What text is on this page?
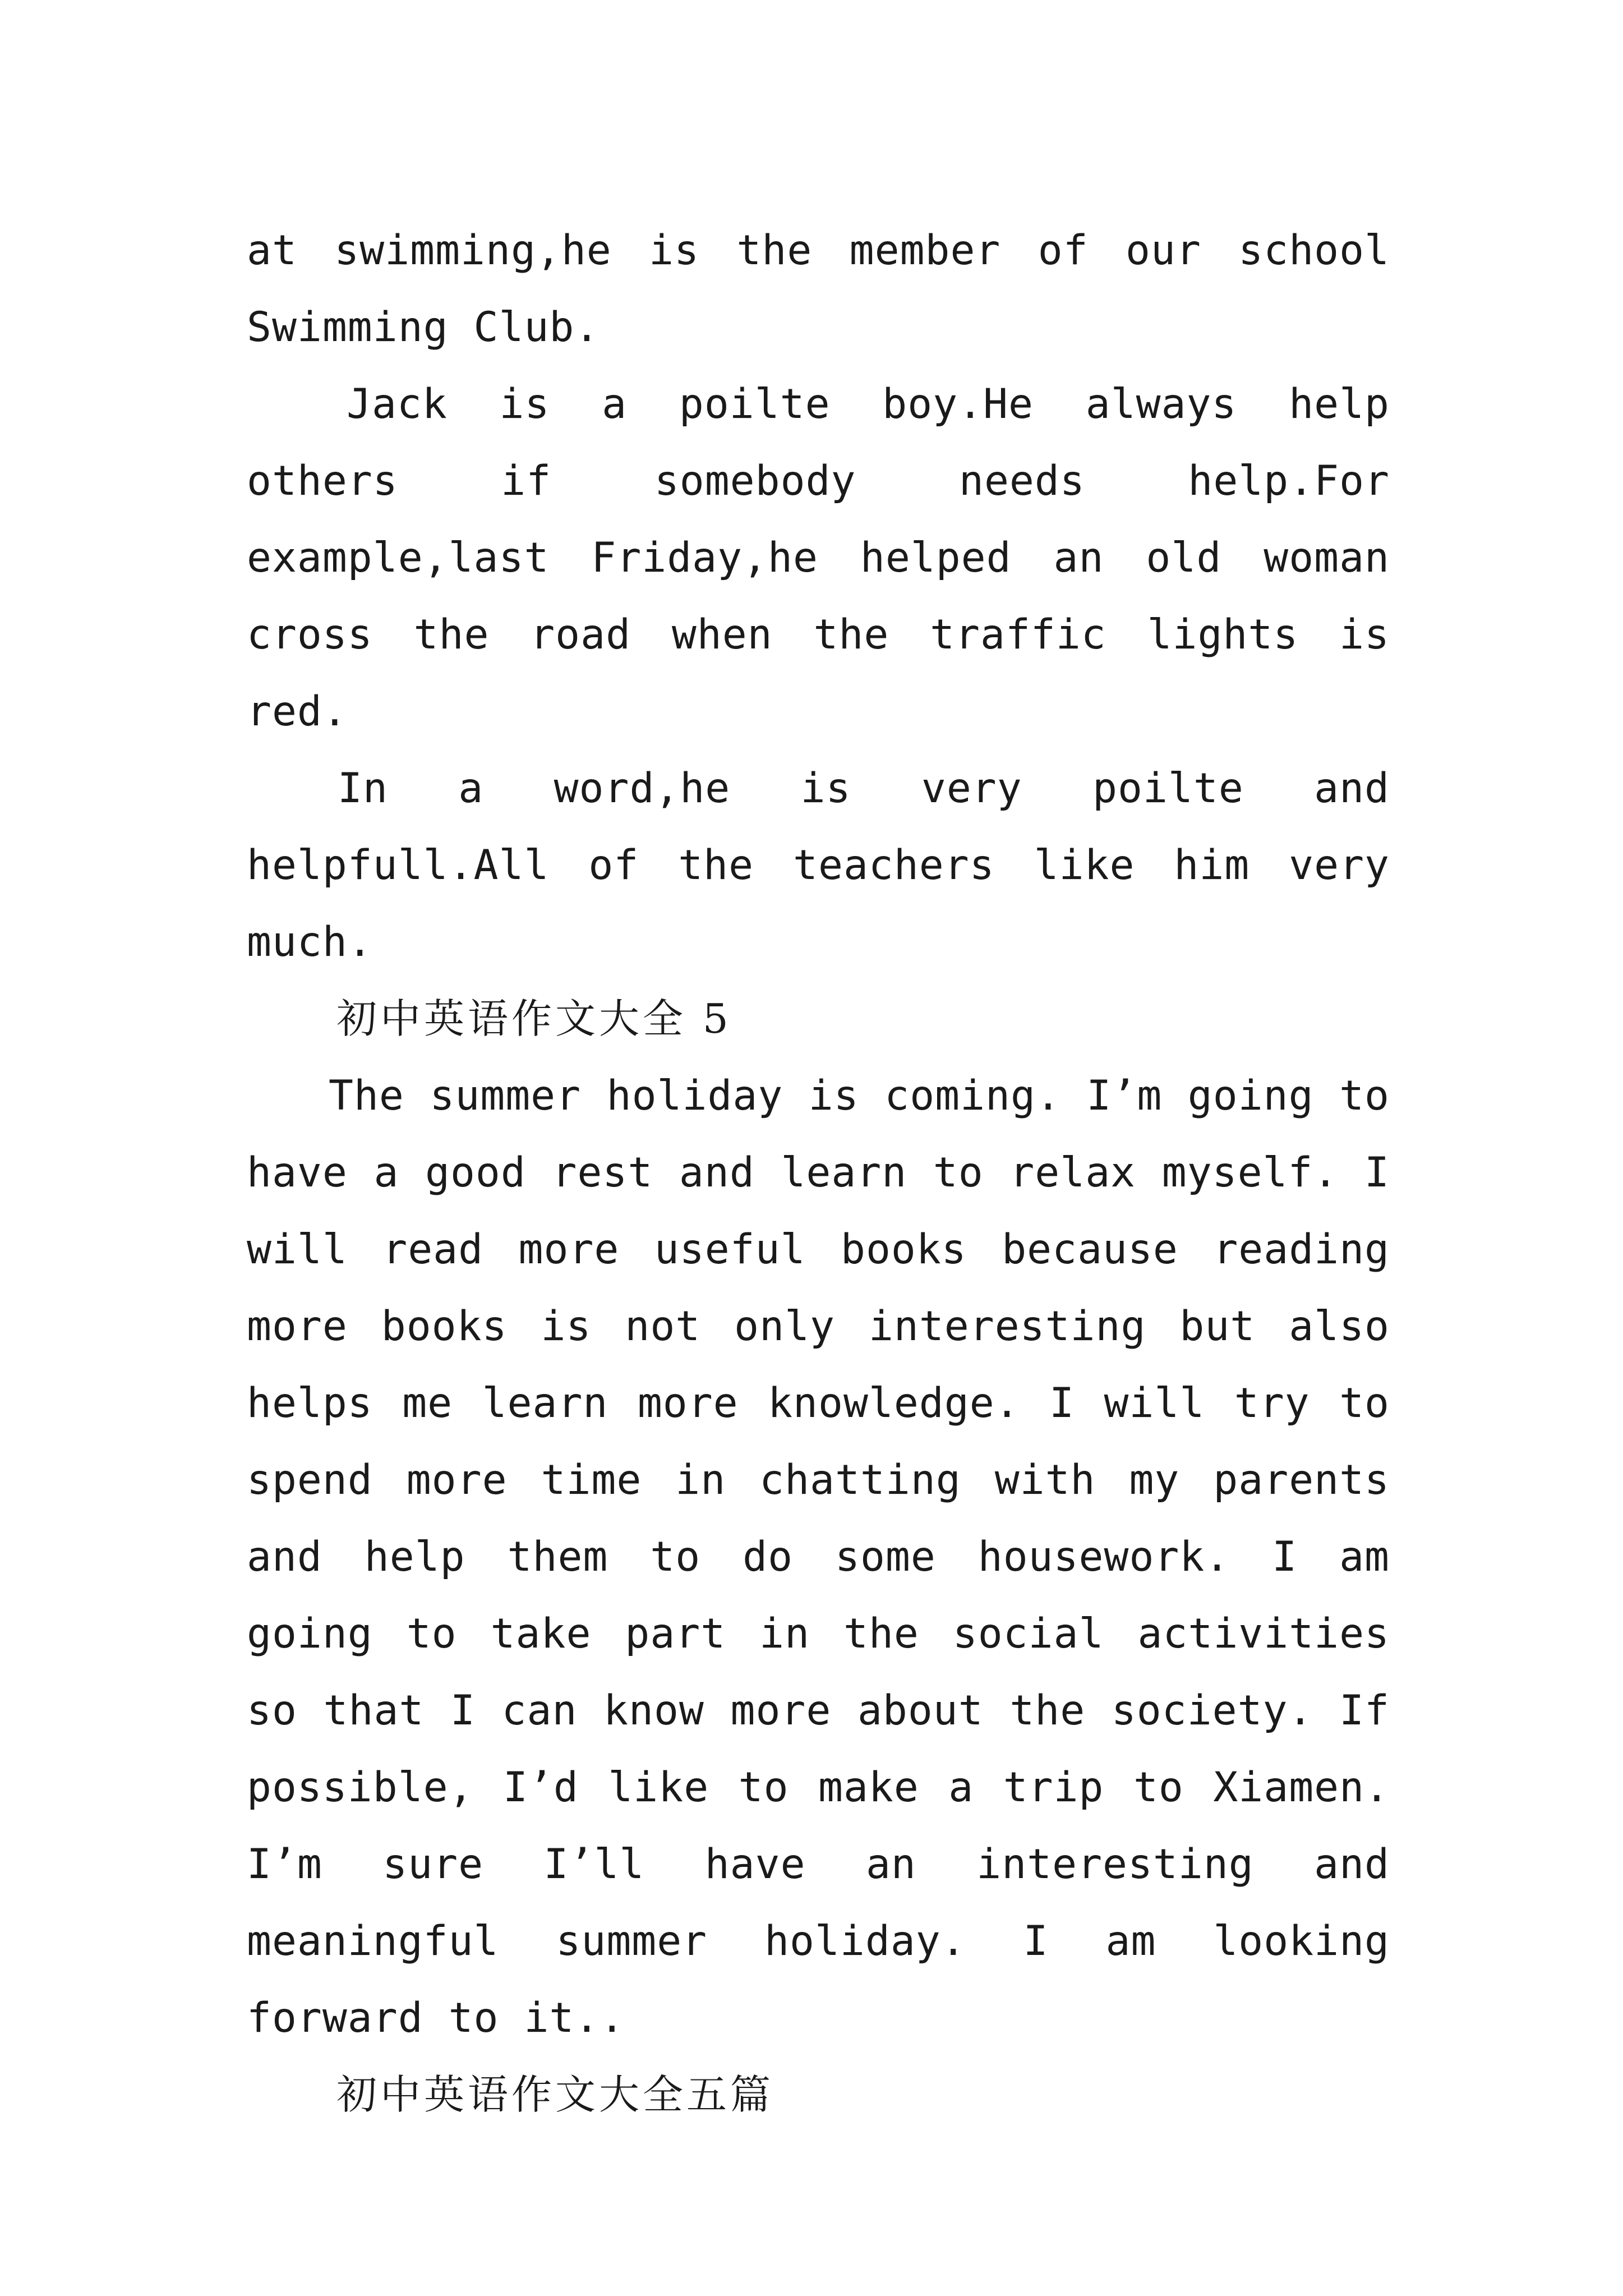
at swimming,he is the member of our school Swimming Club.

Jack is a poilte boy.He always help others if somebody needs help.For example,last Friday,he helped an old woman cross the road when the traffic lights is red.

In a word,he is very poilte and helpfull.All of the teachers like him very much.

初中英语作文大全 5

The summer holiday is coming. I’m going to have a good rest and learn to relax myself. I will read more useful books because reading more books is not only interesting but also helps me learn more knowledge. I will try to spend more time in chatting with my parents and help them to do some housework. I am going to take part in the social activities so that I can know more about the society. If possible, I’d like to make a trip to Xiamen. I’m sure I’ll have an interesting and meaningful summer holiday. I am looking forward to it..

初中英语作文大全五篇
